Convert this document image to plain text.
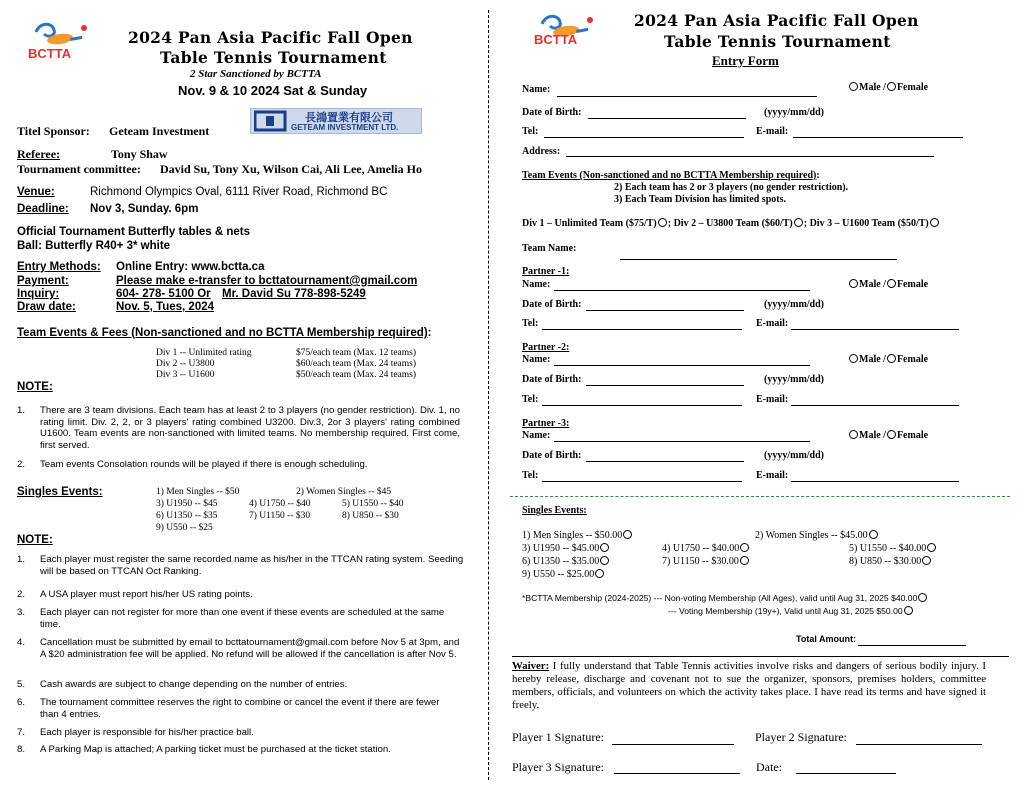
BCTTA
2024 Pan Asia Pacific Fall Open
Table Tennis Tournament
2 Star Sanctioned by BCTTA
Nov. 9 & 10 2024 Sat & Sunday
Titel Sponsor: Geteam Investment
長鴻置業有限公司
GETEAM INVESTMENT LTD.
Referee:	Tony Shaw
Tournament committee: David Su, Tony Xu, Wilson Cai, Ali Lee, Amelia Ho
Venue:	Richmond Olympics Oval, 6111 River Road, Richmond BC
Deadline: Nov 3, Sunday. 6pm
Official Tournament Butterfly tables & nets
Ball: Butterfly R40+ 3* white
Entry Methods: Online Entry: www.bctta.ca
Payment:	Please make e-transfer to bcttatournament@gmail.com
Inquiry:	604- 278- 5100 Or Mr. David Su 778-898-5249
Draw date:	Nov. 5, Tues, 2024
Team Events & Fees (Non-sanctioned and no BCTTA Membership required):
Div 1 -- Unlimited rating	$75/each team (Max. 12 teams)
Div 2 -- U3800	$60/each team (Max. 24 teams)
Div 3 -- U1600	$50/each team (Max. 24 teams)
NOTE:
1. There are 3 team divisions. Each team has at least 2 to 3 players (no gender restriction). Div. 1, no rating limit. Div. 2, 2, or 3 players' rating combined U3200. Div.3, 2or 3 players' rating combined U1600. Team events are non-sanctioned with limited teams. No membership required. First come, first served.
2. Team events Consolation rounds will be played if there is enough scheduling.
Singles Events:	1) Men Singles -- $50	2) Women Singles -- $45
3) U1950 -- $45	4) U1750 -- $40	5) U1550 -- $40
6) U1350 -- $35	7) U1150 -- $30	8) U850 -- $30
9) U550 -- $25
NOTE:
1. Each player must register the same recorded name as his/her in the TTCAN rating system. Seeding will be based on TTCAN Oct Ranking.
2. A USA player must report his/her US rating points.
3. Each player can not register for more than one event if these events are scheduled at the same time.
4. Cancellation must be submitted by email to bcttatournament@gmail.com before Nov 5 at 3pm, and A $20 administration fee will be applied. No refund will be allowed if the cancellation is after Nov 5.
5. Cash awards are subject to change depending on the number of entries.
6. The tournament committee reserves the right to combine or cancel the event if there are fewer than 4 entries.
7. Each player is responsible for his/her practice ball.
8. A Parking Map is attached; A parking ticket must be purchased at the ticket station.
BCTTA
2024 Pan Asia Pacific Fall Open
Table Tennis Tournament
Entry Form
Name:	Male / Female
Date of Birth:	(yyyy/mm/dd)
Tel:	E-mail:
Address:
Team Events (Non-sanctioned and no BCTTA Membership required):
2) Each team has 2 or 3 players (no gender restriction).
3) Each Team Division has limited spots.
Div 1 – Unlimited Team ($75/T) ; Div 2 – U3800 Team ($60/T) ; Div 3 – U1600 Team ($50/T)
Team Name:
Partner -1:
Name:	Male / Female
Date of Birth:	(yyyy/mm/dd)
Tel:	E-mail:
Partner -2:
Name:	Male / Female
Date of Birth:	(yyyy/mm/dd)
Tel:	E-mail:
Partner -3:
Name:	Male / Female
Date of Birth:	(yyyy/mm/dd)
Tel:	E-mail:
Singles Events:
1) Men Singles -- $50.00	2) Women Singles -- $45.00
3) U1950 -- $45.00	4) U1750 -- $40.00	5) U1550 -- $40.00
6) U1350 -- $35.00	7) U1150 -- $30.00	8) U850 -- $30.00
9) U550 -- $25.00
*BCTTA Membership (2024-2025) --- Non-voting Membership (All Ages), valid until Aug 31, 2025 $40.00
--- Voting Membership (19y+), Valid until Aug 31, 2025 $50.00
Total Amount:
Waiver: I fully understand that Table Tennis activities involve risks and dangers of serious bodily injury. I hereby release, discharge and covenant not to sue the organizer, sponsors, premises holders, committee members, officials, and volunteers on which the activity takes place. I have read its terms and have signed it freely.
Player 1 Signature:	Player 2 Signature:
Player 3 Signature:	Date:
